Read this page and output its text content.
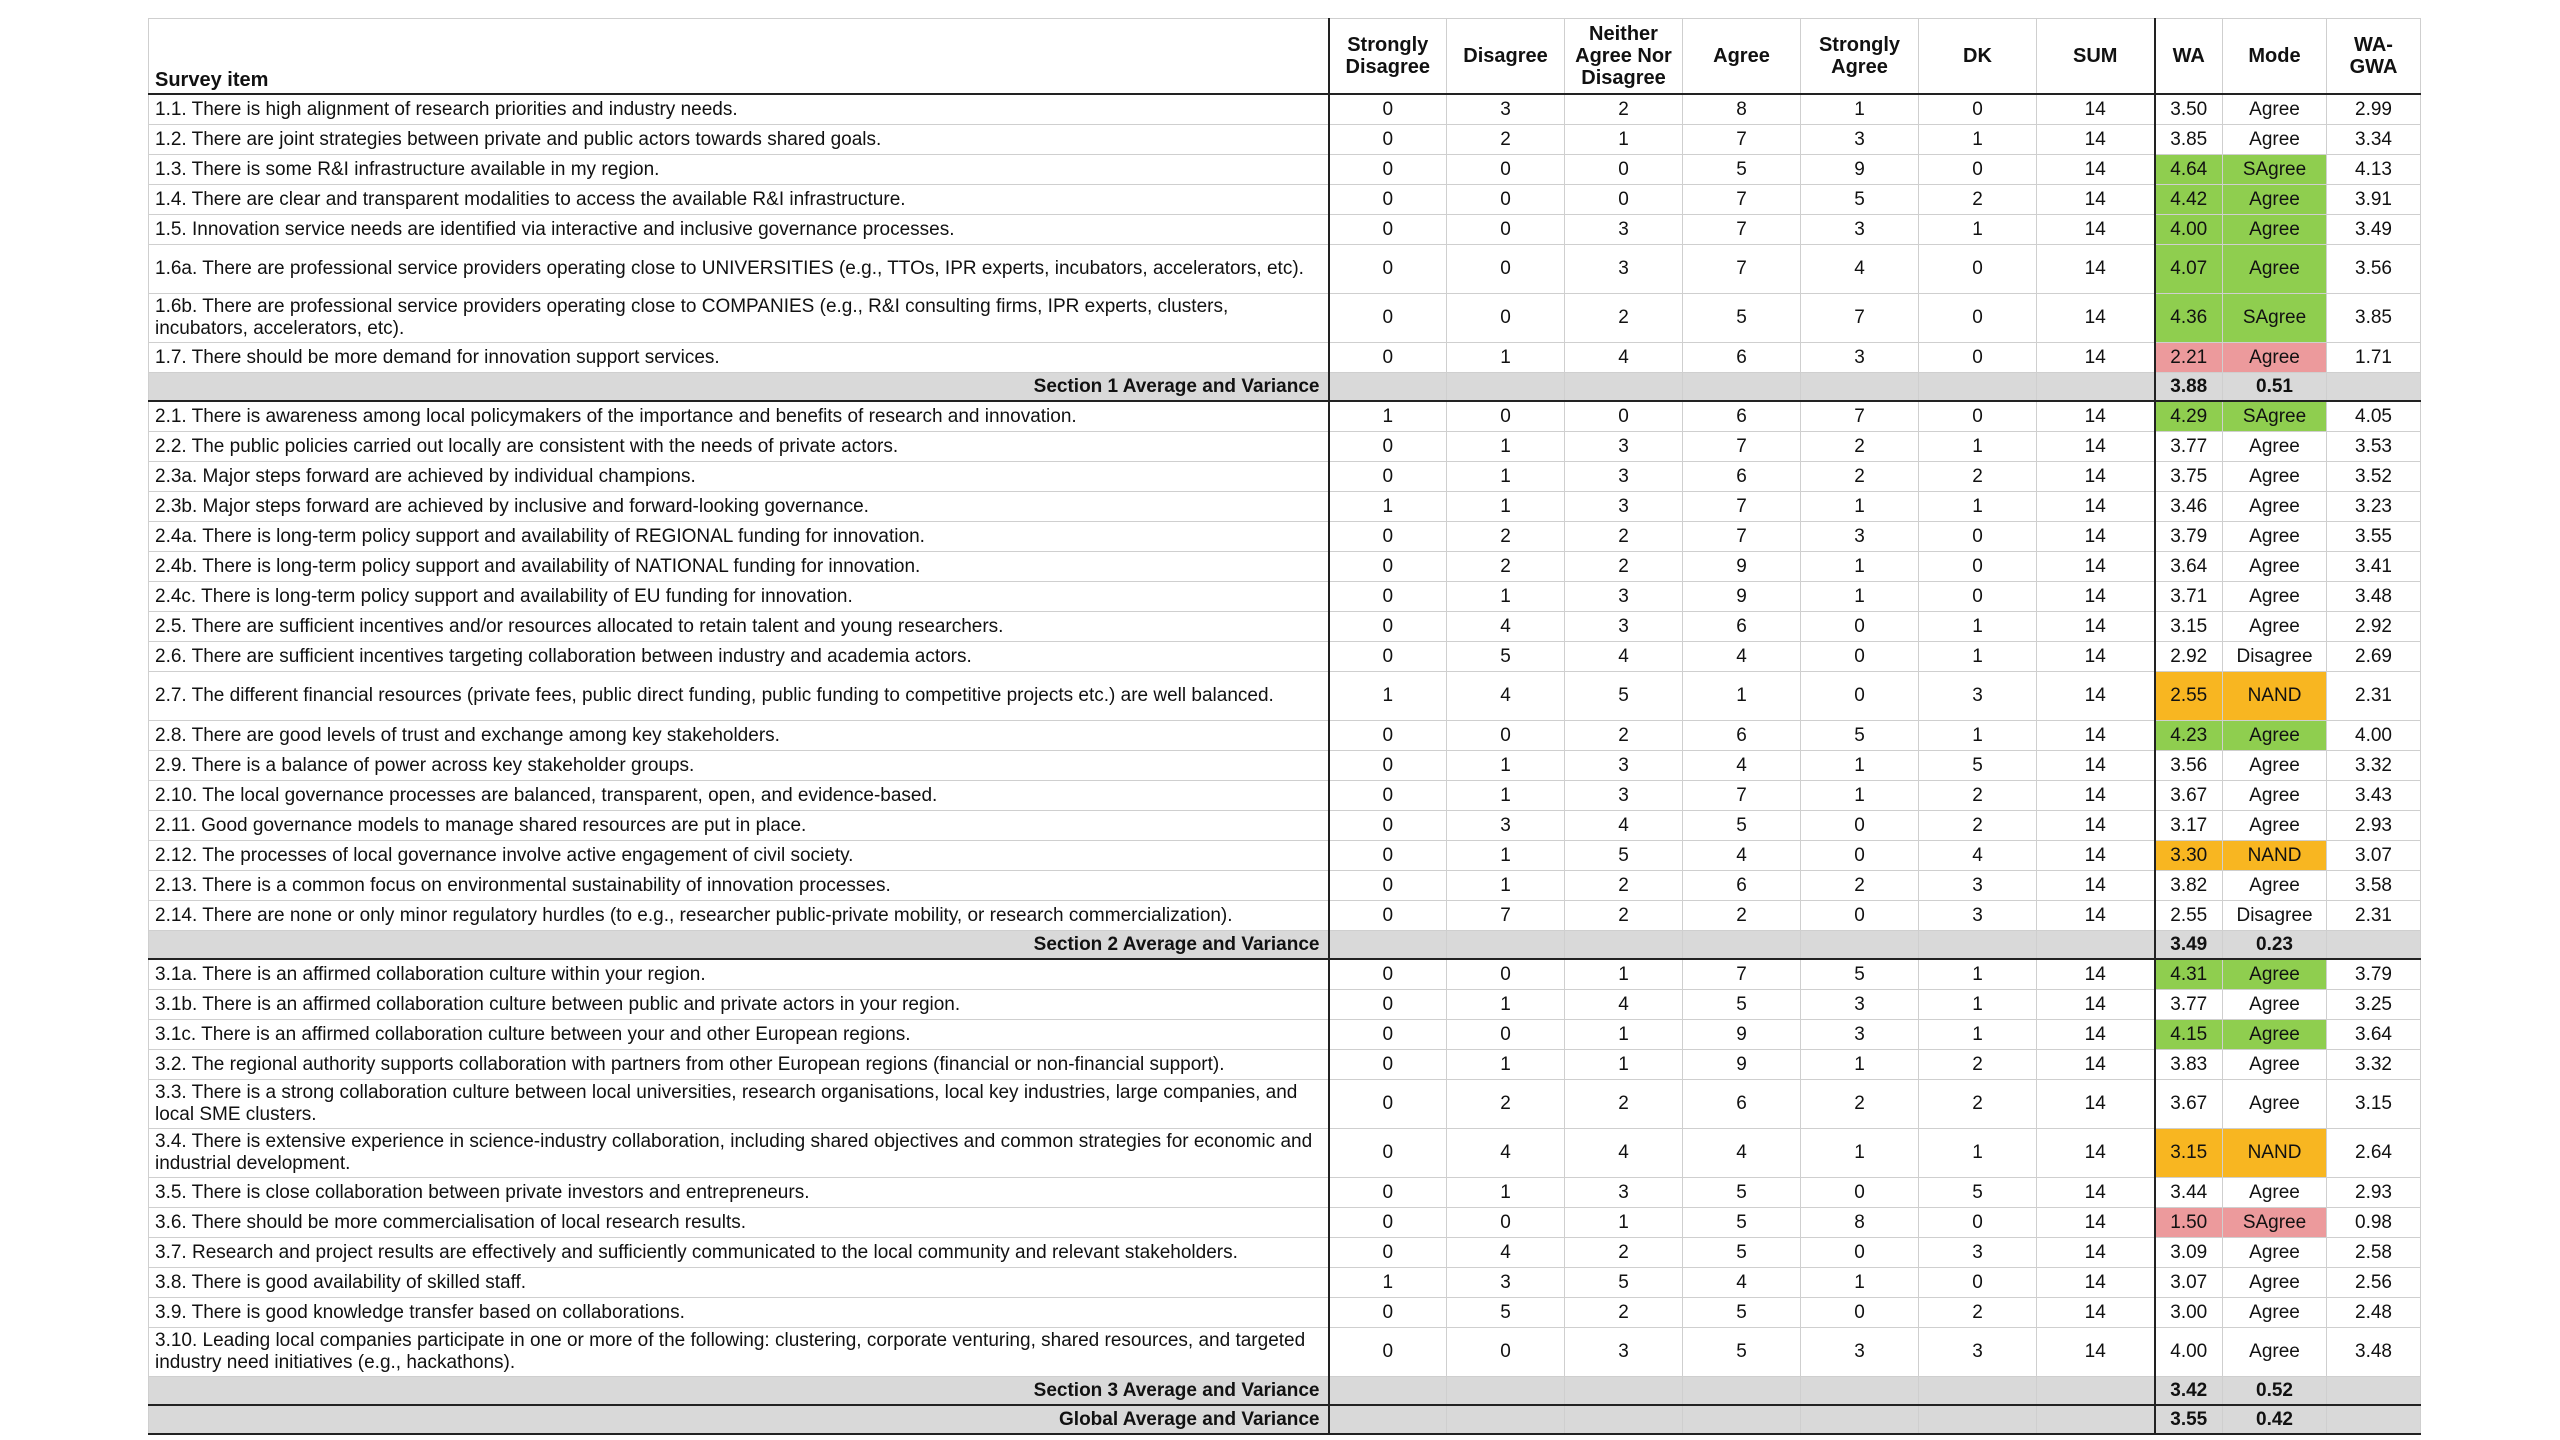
Survey item	Strongly Disagree	Disagree	Neither Agree Nor Disagree	Agree	Strongly Agree	DK	SUM	WA	Mode	WA-GWA
1.1. There is high alignment of research priorities and industry needs.	0	3	2	8	1	0	14	3.50	Agree	2.99
1.2. There are joint strategies between private and public actors towards shared goals.	0	2	1	7	3	1	14	3.85	Agree	3.34
1.3. There is some R&I infrastructure available in my region.	0	0	0	5	9	0	14	4.64	SAgree	4.13
1.4. There are clear and transparent modalities to access the available R&I infrastructure.	0	0	0	7	5	2	14	4.42	Agree	3.91
1.5. Innovation service needs are identified via interactive and inclusive governance processes.	0	0	3	7	3	1	14	4.00	Agree	3.49
1.6a. There are professional service providers operating close to UNIVERSITIES (e.g., TTOs, IPR experts, incubators, accelerators, etc).	0	0	3	7	4	0	14	4.07	Agree	3.56
1.6b. There are professional service providers operating close to COMPANIES (e.g., R&I consulting firms, IPR experts, clusters, incubators, accelerators, etc).	0	0	2	5	7	0	14	4.36	SAgree	3.85
1.7. There should be more demand for innovation support services.	0	1	4	6	3	0	14	2.21	Agree	1.71
Section 1 Average and Variance								3.88	0.51	
2.1. There is awareness among local policymakers of the importance and benefits of research and innovation.	1	0	0	6	7	0	14	4.29	SAgree	4.05
2.2. The public policies carried out locally are consistent with the needs of private actors.	0	1	3	7	2	1	14	3.77	Agree	3.53
2.3a. Major steps forward are achieved by individual champions.	0	1	3	6	2	2	14	3.75	Agree	3.52
2.3b. Major steps forward are achieved by inclusive and forward-looking governance.	1	1	3	7	1	1	14	3.46	Agree	3.23
2.4a. There is long-term policy support and availability of REGIONAL funding for innovation.	0	2	2	7	3	0	14	3.79	Agree	3.55
2.4b. There is long-term policy support and availability of NATIONAL funding for innovation.	0	2	2	9	1	0	14	3.64	Agree	3.41
2.4c. There is long-term policy support and availability of EU funding for innovation.	0	1	3	9	1	0	14	3.71	Agree	3.48
2.5. There are sufficient incentives and/or resources allocated to retain talent and young researchers.	0	4	3	6	0	1	14	3.15	Agree	2.92
2.6. There are sufficient incentives targeting collaboration between industry and academia actors.	0	5	4	4	0	1	14	2.92	Disagree	2.69
2.7. The different financial resources (private fees, public direct funding, public funding to competitive projects etc.) are well balanced.	1	4	5	1	0	3	14	2.55	NAND	2.31
2.8. There are good levels of trust and exchange among key stakeholders.	0	0	2	6	5	1	14	4.23	Agree	4.00
2.9. There is a balance of power across key stakeholder groups.	0	1	3	4	1	5	14	3.56	Agree	3.32
2.10. The local governance processes are balanced, transparent, open, and evidence-based.	0	1	3	7	1	2	14	3.67	Agree	3.43
2.11. Good governance models to manage shared resources are put in place.	0	3	4	5	0	2	14	3.17	Agree	2.93
2.12. The processes of local governance involve active engagement of civil society.	0	1	5	4	0	4	14	3.30	NAND	3.07
2.13. There is a common focus on environmental sustainability of innovation processes.	0	1	2	6	2	3	14	3.82	Agree	3.58
2.14. There are none or only minor regulatory hurdles (to e.g., researcher public-private mobility, or research commercialization).	0	7	2	2	0	3	14	2.55	Disagree	2.31
Section 2 Average and Variance								3.49	0.23	
3.1a. There is an affirmed collaboration culture within your region.	0	0	1	7	5	1	14	4.31	Agree	3.79
3.1b. There is an affirmed collaboration culture between public and private actors in your region.	0	1	4	5	3	1	14	3.77	Agree	3.25
3.1c. There is an affirmed collaboration culture between your and other European regions.	0	0	1	9	3	1	14	4.15	Agree	3.64
3.2. The regional authority supports collaboration with partners from other European regions (financial or non-financial support).	0	1	1	9	1	2	14	3.83	Agree	3.32
3.3. There is a strong collaboration culture between local universities, research organisations, local key industries, large companies, and local SME clusters.	0	2	2	6	2	2	14	3.67	Agree	3.15
3.4. There is extensive experience in science-industry collaboration, including shared objectives and common strategies for economic and industrial development.	0	4	4	4	1	1	14	3.15	NAND	2.64
3.5. There is close collaboration between private investors and entrepreneurs.	0	1	3	5	0	5	14	3.44	Agree	2.93
3.6. There should be more commercialisation of local research results.	0	0	1	5	8	0	14	1.50	SAgree	0.98
3.7. Research and project results are effectively and sufficiently communicated to the local community and relevant stakeholders.	0	4	2	5	0	3	14	3.09	Agree	2.58
3.8. There is good availability of skilled staff.	1	3	5	4	1	0	14	3.07	Agree	2.56
3.9. There is good knowledge transfer based on collaborations.	0	5	2	5	0	2	14	3.00	Agree	2.48
3.10. Leading local companies participate in one or more of the following: clustering, corporate venturing, shared resources, and targeted industry need initiatives (e.g., hackathons).	0	0	3	5	3	3	14	4.00	Agree	3.48
Section 3 Average and Variance								3.42	0.52	
Global Average and Variance								3.55	0.42	
